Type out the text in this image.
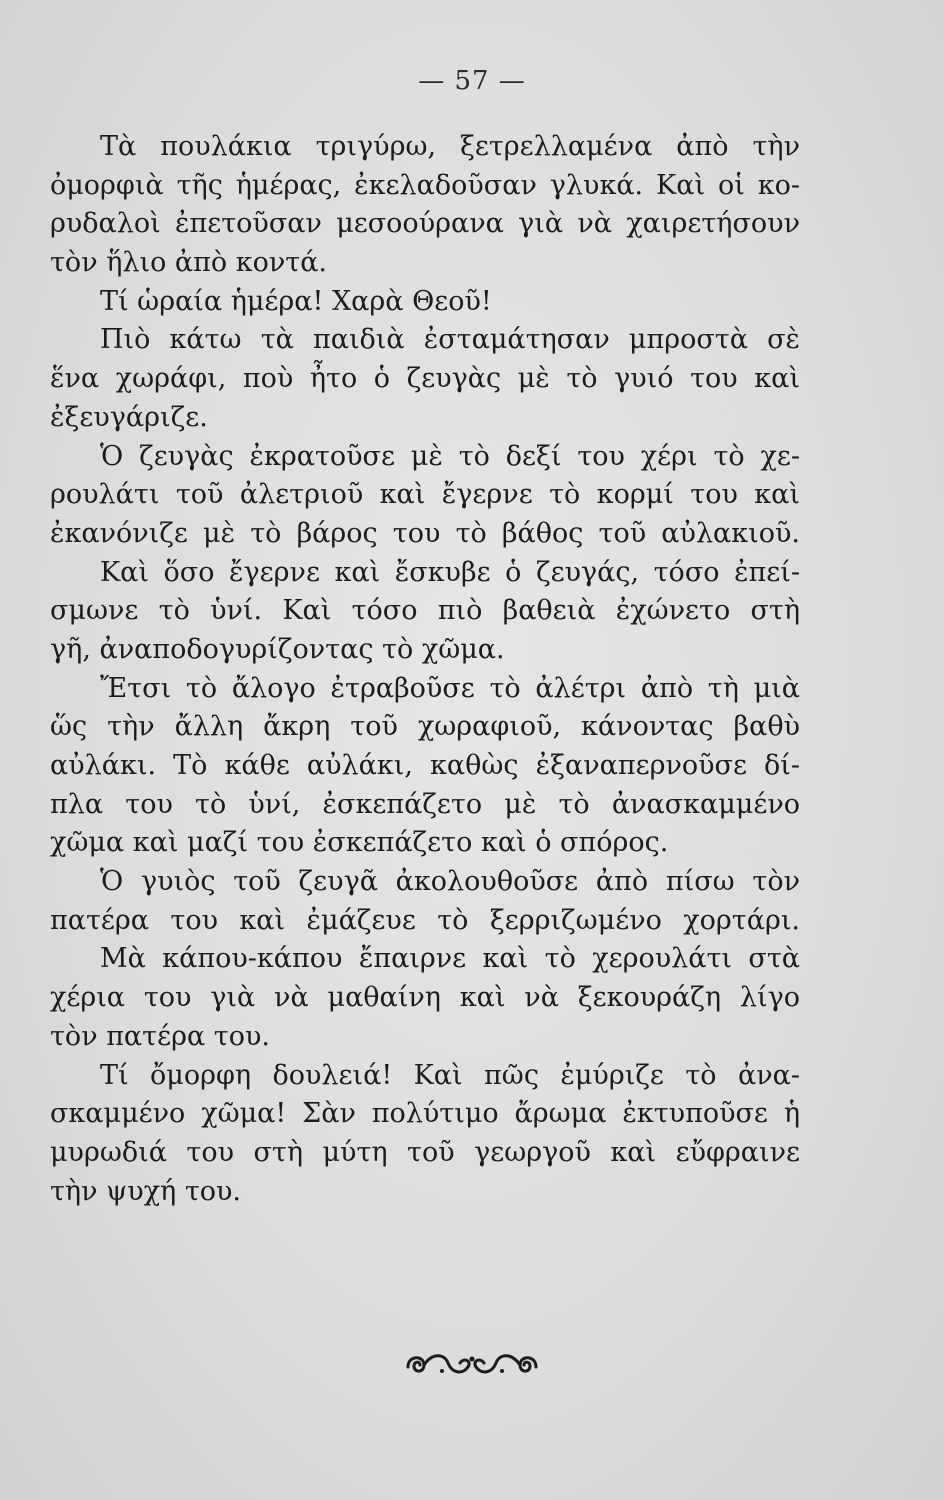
— 57 —
Τὰ πουλάκια τριγύρω, ξετρελλαμένα ἀπὸ τὴν
ὀμορφιὰ τῆς ἡμέρας, ἐκελαδοῦσαν γλυκά. Καὶ οἱ κο-
ρυδαλοὶ ἐπετοῦσαν μεσοούρανα γιὰ νὰ χαιρετήσουν
τὸν ἥλιο ἀπὸ κοντά.
Τί ὡραία ἡμέρα! Χαρὰ Θεοῦ!
Πιὸ κάτω τὰ παιδιὰ ἐσταμάτησαν μπροστὰ σὲ
ἕνα χωράφι, ποὺ ἦτο ὁ ζευγὰς μὲ τὸ γυιό του καὶ
ἐξευγάριζε.
Ὁ ζευγὰς ἐκρατοῦσε μὲ τὸ δεξί του χέρι τὸ χε-
ρουλάτι τοῦ ἀλετριοῦ καὶ ἔγερνε τὸ κορμί του καὶ
ἐκανόνιζε μὲ τὸ βάρος του τὸ βάθος τοῦ αὐλακιοῦ.
Καὶ ὅσο ἔγερνε καὶ ἔσκυβε ὁ ζευγάς, τόσο ἐπεί-
σμωνε τὸ ὑνί. Καὶ τόσο πιὸ βαθειὰ ἐχώνετο στὴ
γῆ, ἀναποδογυρίζοντας τὸ χῶμα.
Ἔτσι τὸ ἄλογο ἐτραβοῦσε τὸ ἀλέτρι ἀπὸ τὴ μιὰ
ὥς τὴν ἄλλη ἄκρη τοῦ χωραφιοῦ, κάνοντας βαθὺ
αὐλάκι. Τὸ κάθε αὐλάκι, καθὼς ἐξαναπερνοῦσε δί-
πλα του τὸ ὑνί, ἐσκεπάζετο μὲ τὸ ἀνασκαμμένο
χῶμα καὶ μαζί του ἐσκεπάζετο καὶ ὁ σπόρος.
Ὁ γυιὸς τοῦ ζευγᾶ ἀκολουθοῦσε ἀπὸ πίσω τὸν
πατέρα του καὶ ἐμάζευε τὸ ξερριζωμένο χορτάρι.
Μὰ κάπου-κάπου ἔπαιρνε καὶ τὸ χερουλάτι στὰ
χέρια του γιὰ νὰ μαθαίνη καὶ νὰ ξεκουράζη λίγο
τὸν πατέρα του.
Τί ὄμορφη δουλειά! Καὶ πῶς ἐμύριζε τὸ ἀνα-
σκαμμένο χῶμα! Σὰν πολύτιμο ἄρωμα ἐκτυποῦσε ἡ
μυρωδιά του στὴ μύτη τοῦ γεωργοῦ καὶ εὔφραινε
τὴν ψυχή του.
